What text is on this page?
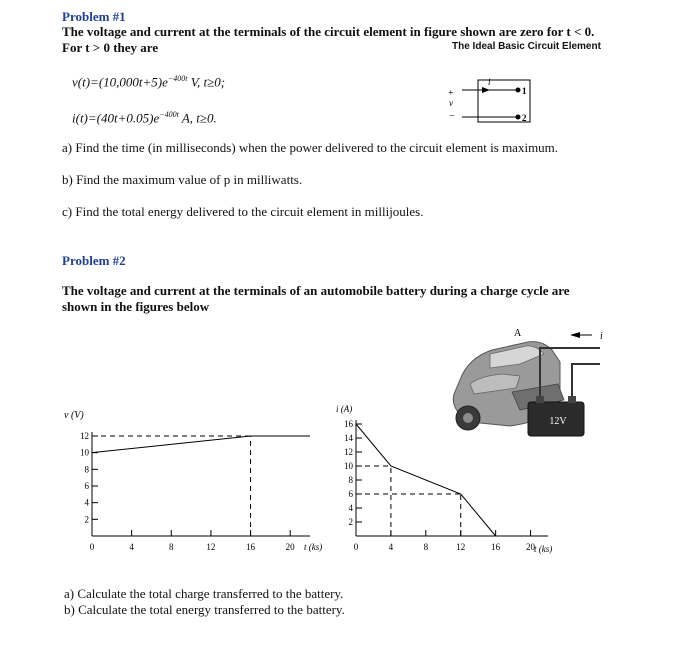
Problem #1
The voltage and current at the terminals of the circuit element in figure shown are zero for t < 0.
For t > 0 they are	The Ideal Basic Circuit Element
$v(t)=(10,000t+5)e^{-400t}$ V, t≥0;
$i(t)=(40t+0.05)e^{-400t}$ A, t≥0.
i
1
2
+
v
−
a) Find the time (in milliseconds) when the power delivered to the circuit element is maximum.
b) Find the maximum value of p in milliwatts.
c) Find the total energy delivered to the circuit element in millijoules.
Problem #2
The voltage and current at the terminals of an automobile battery during a charge cycle are
shown in the figures below
12V
A	i
v (V)
t (ks)
12
10
8
6
4
2
0	4	8	12	16	20
i (A)
t (ks)
16
14
12
10
8
6
4
2
0	4	8	12	16	20
a) Calculate the total charge transferred to the battery.
b) Calculate the total energy transferred to the battery.
